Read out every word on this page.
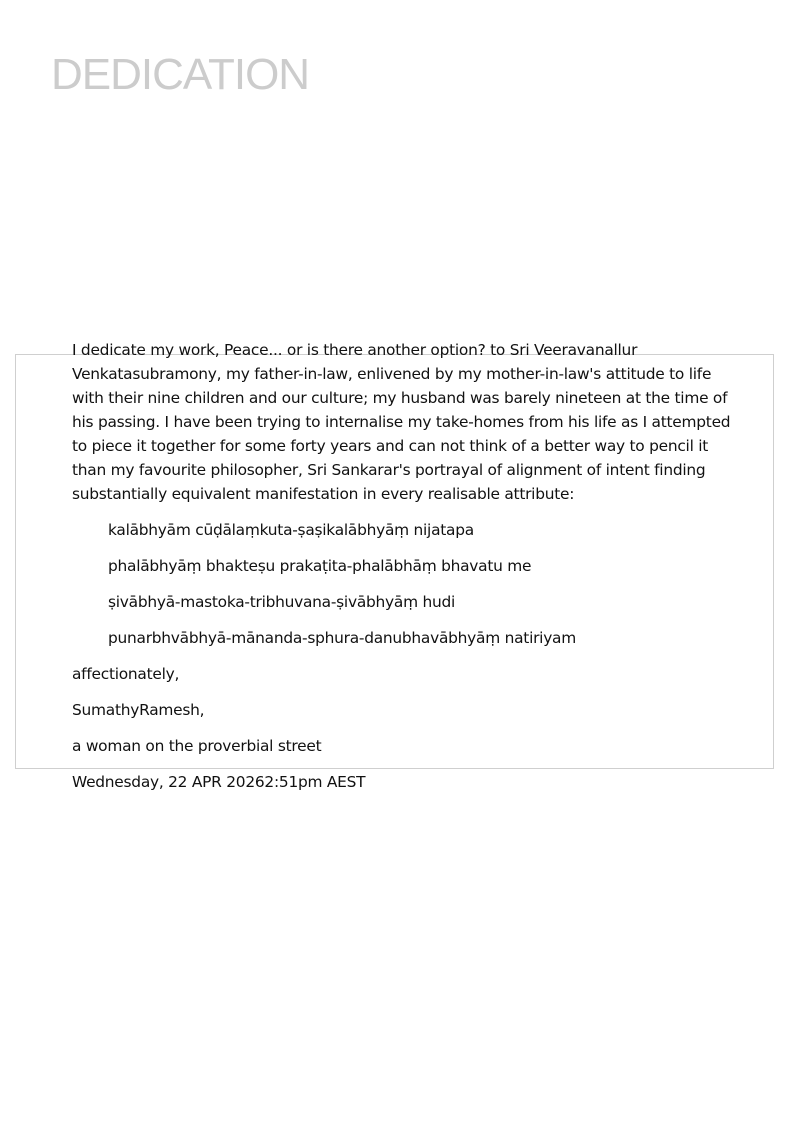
DEDICATION

I dedicate my work, Peace... or is there another option? to Sri Veeravanallur Venkatasubramony, my father-in-law, enlivened by my mother-in-law's attitude to life with their nine children and our culture; my husband was barely nineteen at the time of his passing. I have been trying to internalise my take-homes from his life as I attempted to piece it together for some forty years and can not think of a better way to pencil it than my favourite philosopher, Sri Sankarar's portrayal of alignment of intent finding substantially equivalent manifestation in every realisable attribute:

kalābhyām cūḍālaṃkuta-ṣaṣikalābhyāṃ nijatapa

phalābhyāṃ bhakteṣu prakaṭita-phalābhāṃ bhavatu me

ṣivābhyā-mastoka-tribhuvana-ṣivābhyāṃ hudi

punarbhvābhyā-mānanda-sphura-danubhavābhyāṃ natiriyam

affectionately,

SumathyRamesh,

a woman on the proverbial street

Wednesday, 22 APR 20262:51pm AEST
